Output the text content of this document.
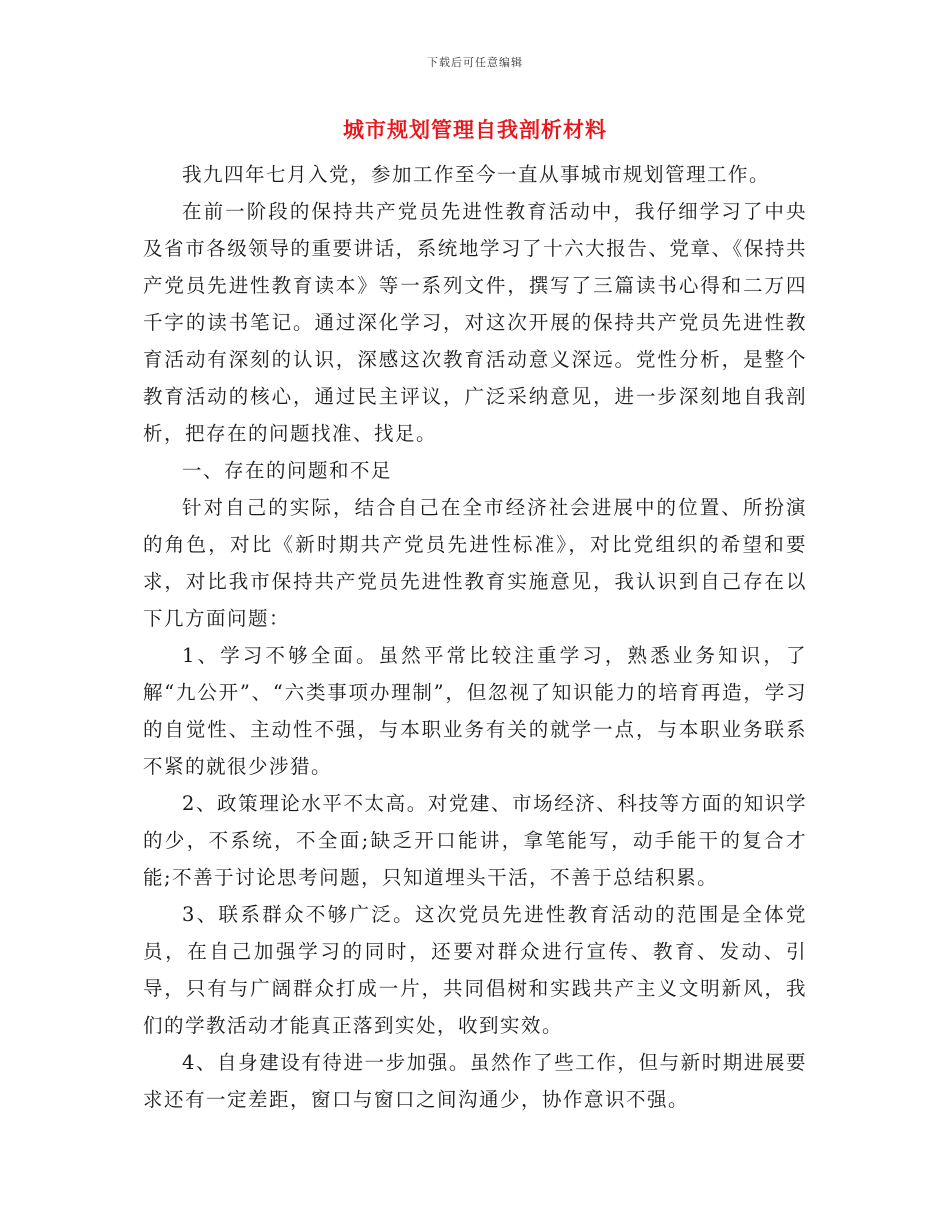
下载后可任意编辑
城市规划管理自我剖析材料

我九四年七月入党，参加工作至今一直从事城市规划管理工作。

在前一阶段的保持共产党员先进性教育活动中，我仔细学习了中央及省市各级领导的重要讲话，系统地学习了十六大报告、党章、《保持共产党员先进性教育读本》等一系列文件，撰写了三篇读书心得和二万四千字的读书笔记。通过深化学习，对这次开展的保持共产党员先进性教育活动有深刻的认识，深感这次教育活动意义深远。党性分析，是整个教育活动的核心，通过民主评议，广泛采纳意见，进一步深刻地自我剖析，把存在的问题找准、找足。

一、存在的问题和不足

针对自己的实际，结合自己在全市经济社会进展中的位置、所扮演的角色，对比《新时期共产党员先进性标准》，对比党组织的希望和要求，对比我市保持共产党员先进性教育实施意见，我认识到自己存在以下几方面问题：

1、学习不够全面。虽然平常比较注重学习，熟悉业务知识，了解“九公开”、“六类事项办理制”，但忽视了知识能力的培育再造，学习的自觉性、主动性不强，与本职业务有关的就学一点，与本职业务联系不紧的就很少涉猎。

2、政策理论水平不太高。对党建、市场经济、科技等方面的知识学的少，不系统，不全面;缺乏开口能讲，拿笔能写，动手能干的复合才能;不善于讨论思考问题，只知道埋头干活，不善于总结积累。

3、联系群众不够广泛。这次党员先进性教育活动的范围是全体党员，在自己加强学习的同时，还要对群众进行宣传、教育、发动、引导，只有与广阔群众打成一片，共同倡树和实践共产主义文明新风，我们的学教活动才能真正落到实处，收到实效。

4、自身建设有待进一步加强。虽然作了些工作，但与新时期进展要求还有一定差距，窗口与窗口之间沟通少，协作意识不强。
